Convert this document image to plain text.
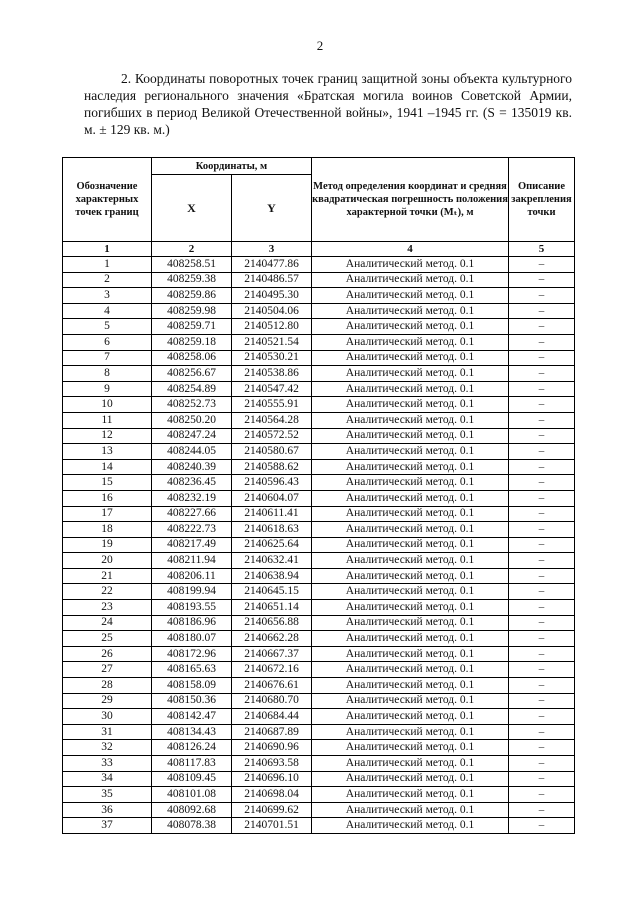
2
2. Координаты поворотных точек границ защитной зоны объекта культурного наследия регионального значения «Братская могила воинов Советской Армии, погибших в период Великой Отечественной войны», 1941 –1945 гг. (S = 135019 кв. м. ± 129 кв. м.)
Обозначение характерных точек границ	Координаты, м		Метод определения координат и средняя квадратическая погрешность положения характерной точки (Mₜ), м	Описание закрепления точки
	X	Y		
1	2	3	4	5
1	408258.51	2140477.86	Аналитический метод. 0.1	–
2	408259.38	2140486.57	Аналитический метод. 0.1	–
3	408259.86	2140495.30	Аналитический метод. 0.1	–
4	408259.98	2140504.06	Аналитический метод. 0.1	–
5	408259.71	2140512.80	Аналитический метод. 0.1	–
6	408259.18	2140521.54	Аналитический метод. 0.1	–
7	408258.06	2140530.21	Аналитический метод. 0.1	–
8	408256.67	2140538.86	Аналитический метод. 0.1	–
9	408254.89	2140547.42	Аналитический метод. 0.1	–
10	408252.73	2140555.91	Аналитический метод. 0.1	–
11	408250.20	2140564.28	Аналитический метод. 0.1	–
12	408247.24	2140572.52	Аналитический метод. 0.1	–
13	408244.05	2140580.67	Аналитический метод. 0.1	–
14	408240.39	2140588.62	Аналитический метод. 0.1	–
15	408236.45	2140596.43	Аналитический метод. 0.1	–
16	408232.19	2140604.07	Аналитический метод. 0.1	–
17	408227.66	2140611.41	Аналитический метод. 0.1	–
18	408222.73	2140618.63	Аналитический метод. 0.1	–
19	408217.49	2140625.64	Аналитический метод. 0.1	–
20	408211.94	2140632.41	Аналитический метод. 0.1	–
21	408206.11	2140638.94	Аналитический метод. 0.1	–
22	408199.94	2140645.15	Аналитический метод. 0.1	–
23	408193.55	2140651.14	Аналитический метод. 0.1	–
24	408186.96	2140656.88	Аналитический метод. 0.1	–
25	408180.07	2140662.28	Аналитический метод. 0.1	–
26	408172.96	2140667.37	Аналитический метод. 0.1	–
27	408165.63	2140672.16	Аналитический метод. 0.1	–
28	408158.09	2140676.61	Аналитический метод. 0.1	–
29	408150.36	2140680.70	Аналитический метод. 0.1	–
30	408142.47	2140684.44	Аналитический метод. 0.1	–
31	408134.43	2140687.89	Аналитический метод. 0.1	–
32	408126.24	2140690.96	Аналитический метод. 0.1	–
33	408117.83	2140693.58	Аналитический метод. 0.1	–
34	408109.45	2140696.10	Аналитический метод. 0.1	–
35	408101.08	2140698.04	Аналитический метод. 0.1	–
36	408092.68	2140699.62	Аналитический метод. 0.1	–
37	408078.38	2140701.51	Аналитический метод. 0.1	–
